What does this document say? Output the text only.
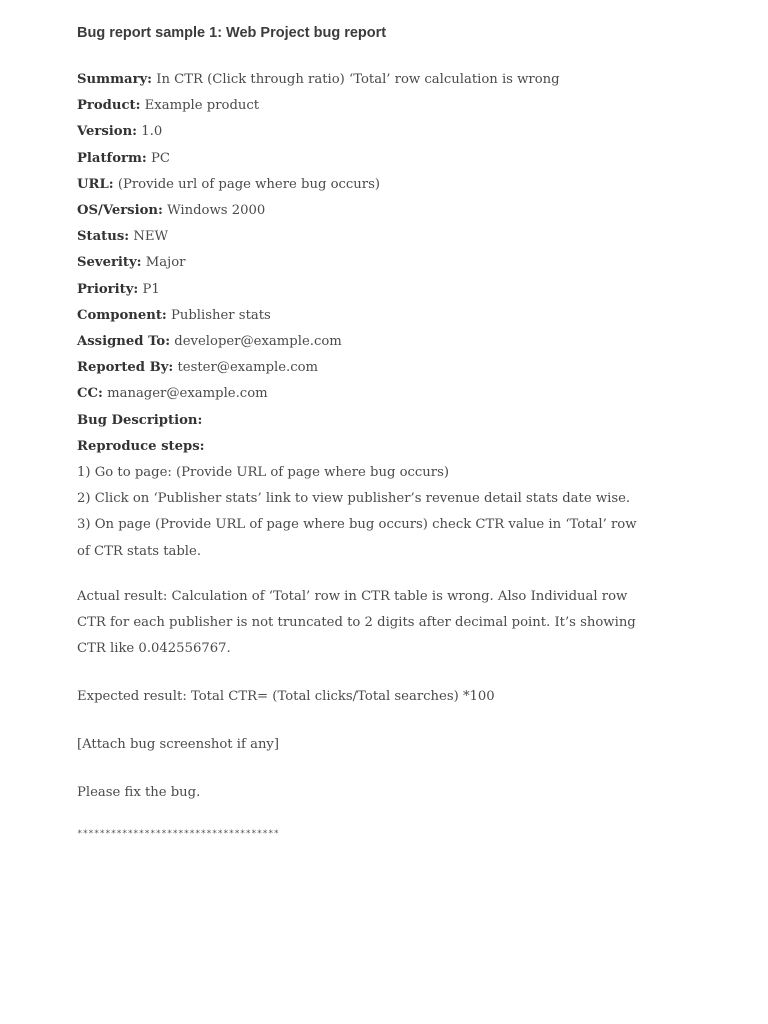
Bug report sample 1: Web Project bug report
Summary: In CTR (Click through ratio) ‘Total’ row calculation is wrong
Product: Example product
Version: 1.0
Platform: PC
URL: (Provide url of page where bug occurs)
OS/Version: Windows 2000
Status: NEW
Severity: Major
Priority: P1
Component: Publisher stats
Assigned To: developer@example.com
Reported By: tester@example.com
CC: manager@example.com
Bug Description:
Reproduce steps:
1) Go to page: (Provide URL of page where bug occurs)
2) Click on ‘Publisher stats’ link to view publisher’s revenue detail stats date wise.
3) On page (Provide URL of page where bug occurs) check CTR value in ‘Total’ row of CTR stats table.
Actual result: Calculation of ‘Total’ row in CTR table is wrong. Also Individual row CTR for each publisher is not truncated to 2 digits after decimal point. It’s showing CTR like 0.042556767.
Expected result: Total CTR= (Total clicks/Total searches) *100
[Attach bug screenshot if any]
Please fix the bug.
************************************
